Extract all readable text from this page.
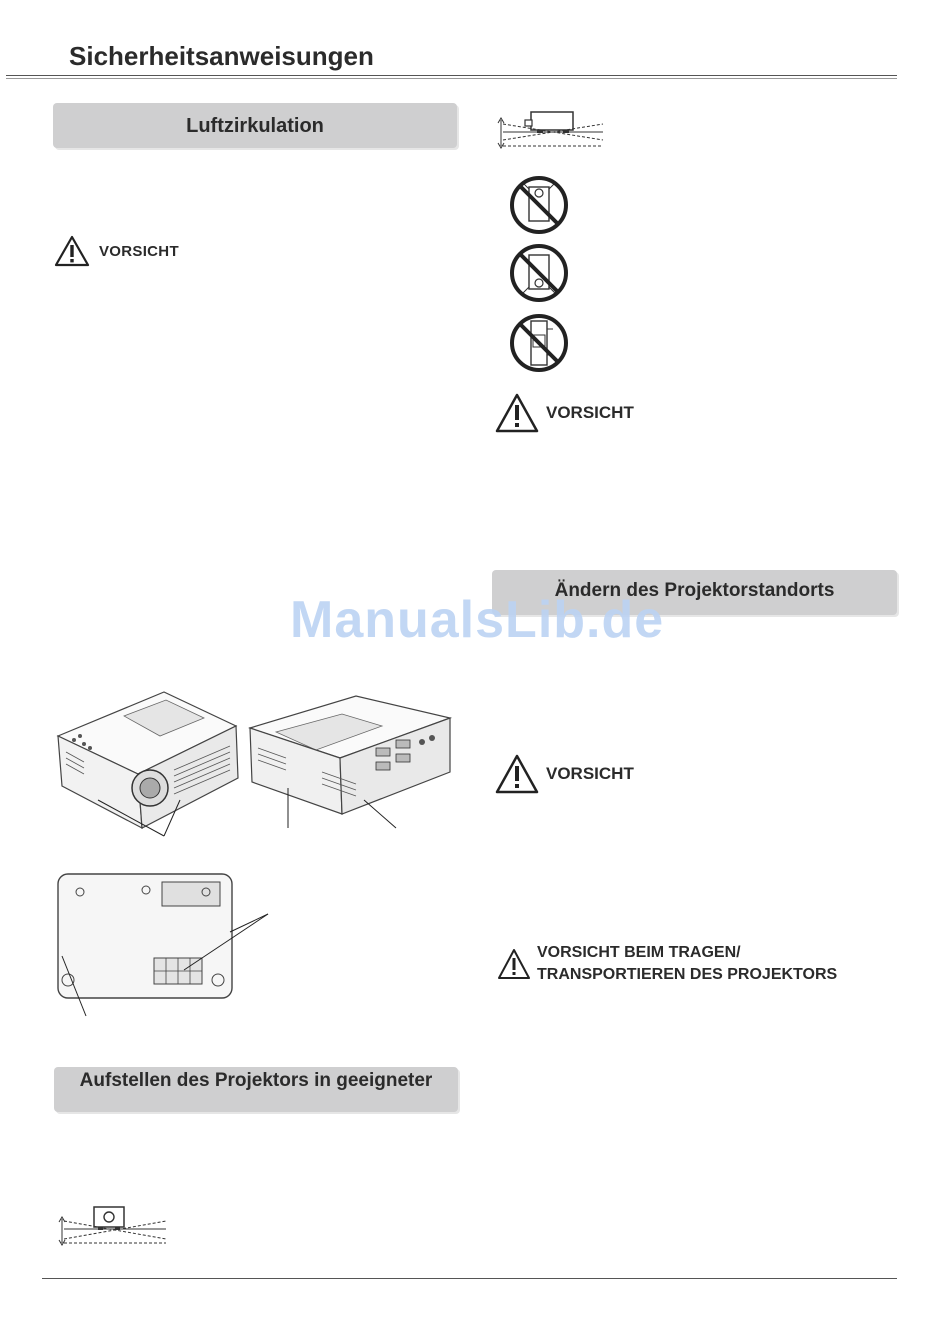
Sicherheitsanweisungen
Luftzirkulation
VORSICHT
VORSICHT
Ändern des Projektorstandorts
ManualsLib.de
VORSICHT
VORSICHT BEIM TRAGEN/
TRANSPORTIEREN DES PROJEKTORS
Aufstellen des Projektors in geeigneter
